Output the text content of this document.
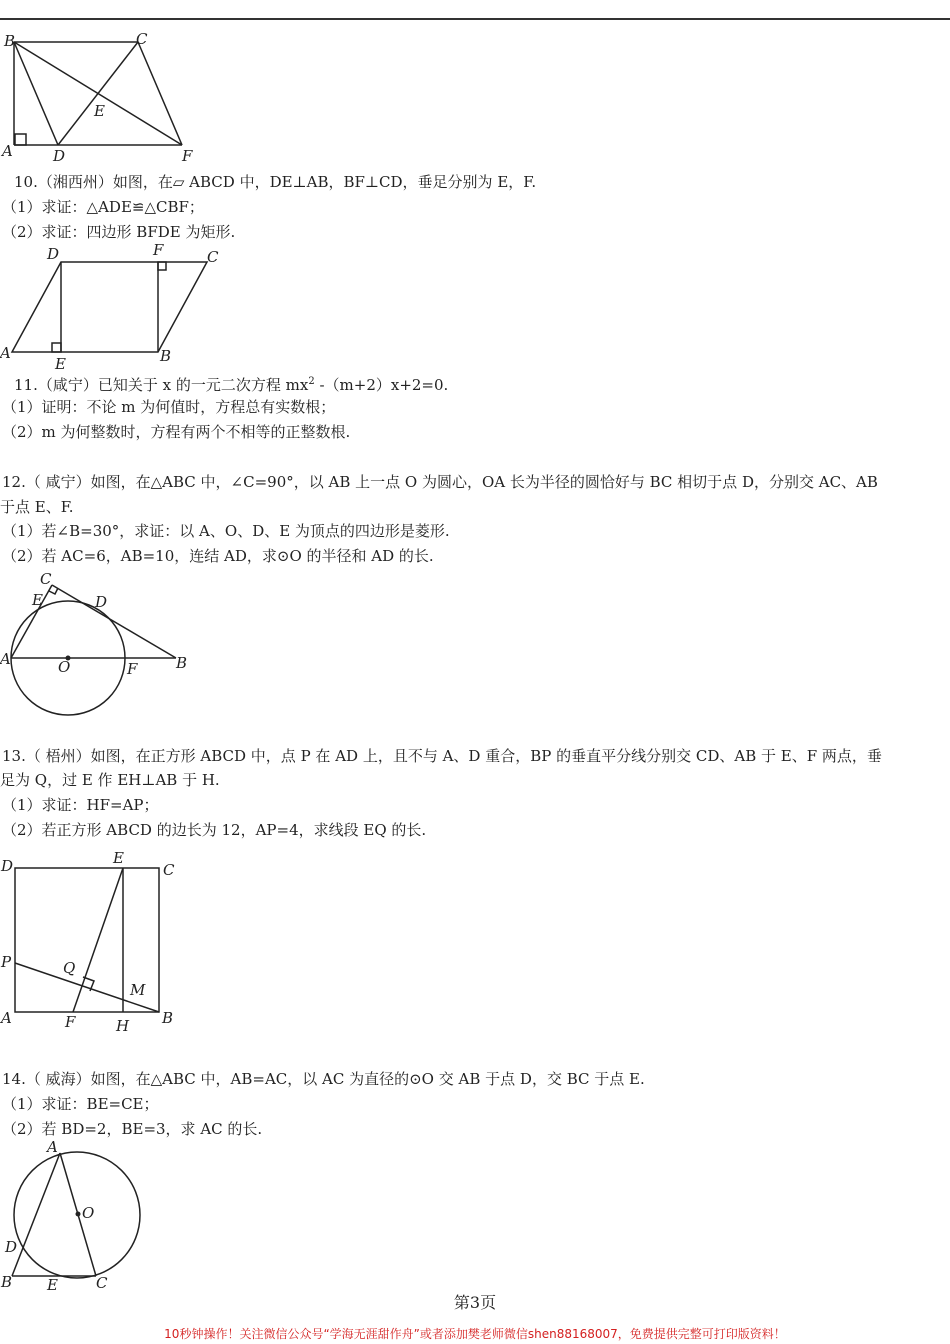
B	C
E
A	D	F
10.（湘西州）如图，在▱ ABCD 中，DE⊥AB，BF⊥CD，垂足分别为 E，F.
（1）求证：△ADE≌△CBF；
（2）求证：四边形 BFDE 为矩形.
D	F	C
A
E	B
11.（咸宁）已知关于 x 的一元二次方程 $mx^2$ -（m+2）x+2=0.
（1）证明：不论 m 为何值时，方程总有实数根；
（2）m 为何整数时，方程有两个不相等的正整数根.
12.（ 咸宁）如图，在△ABC 中，∠C=90°，以 AB 上一点 O 为圆心，OA 长为半径的圆恰好与 BC 相切于点 D，分别交 AC、AB
于点 E、F.
（1）若∠B=30°，求证：以 A、O、D、E 为顶点的四边形是菱形.
（2）若 AC=6，AB=10，连结 AD，求⊙O 的半径和 AD 的长.
C
E	D
A	O	F	B
13.（ 梧州）如图，在正方形 ABCD 中，点 P 在 AD 上，且不与 A、D 重合，BP 的垂直平分线分别交 CD、AB 于 E、F 两点，垂
足为 Q，过 E 作 EH⊥AB 于 H.
（1）求证：HF=AP；
（2）若正方形 ABCD 的边长为 12，AP=4，求线段 EQ 的长.
D	E
C
P	Q
M
A	F	H B
14.（ 威海）如图，在△ABC 中，AB=AC，以 AC 为直径的⊙O 交 AB 于点 D，交 BC 于点 E.
（1）求证：BE=CE；
（2）若 BD=2，BE=3，求 AC 的长.
A
O
D
B E	C
第3页
10秒钟操作！关注微信公众号“学海无涯甜作舟”或者添加樊老师微信shen88168007，免费提供完整可打印版资料！
